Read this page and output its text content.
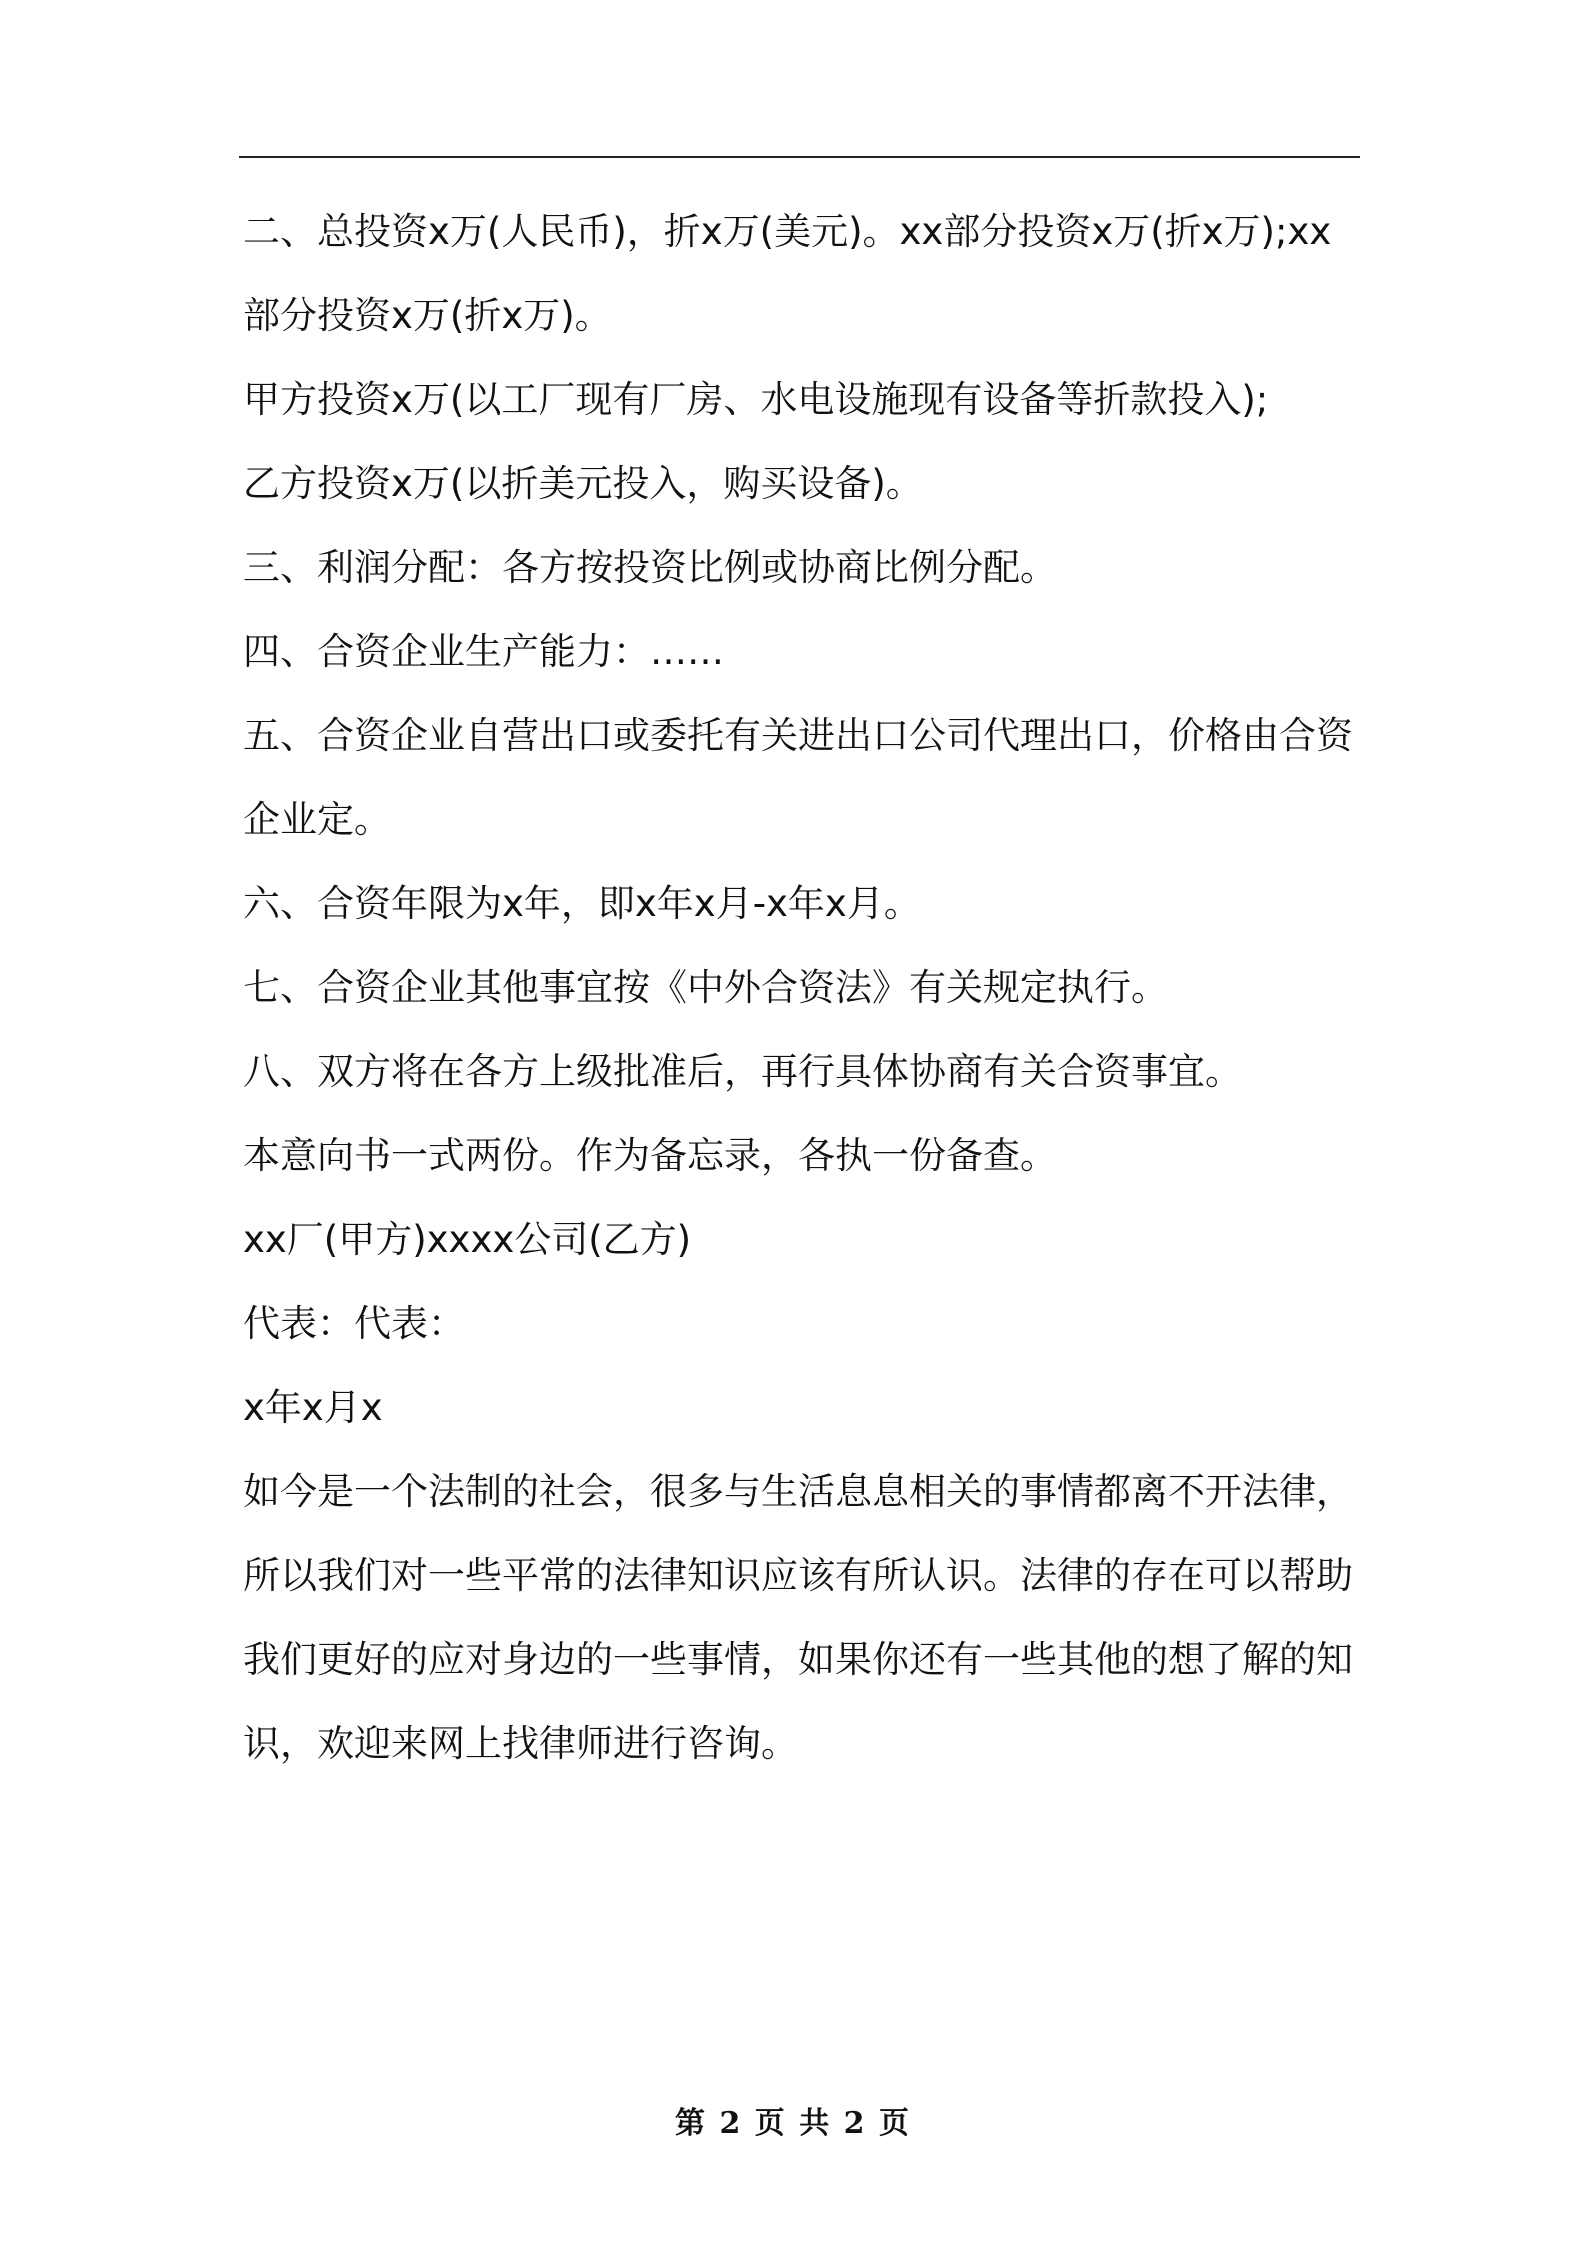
二、总投资x万(人民币)，折x万(美元)。xx部分投资x万(折x万);xx部分投资x万(折x万)。

甲方投资x万(以工厂现有厂房、水电设施现有设备等折款投入);

乙方投资x万(以折美元投入，购买设备)。

三、利润分配：各方按投资比例或协商比例分配。

四、合资企业生产能力：……

五、合资企业自营出口或委托有关进出口公司代理出口，价格由合资企业定。

六、合资年限为x年，即x年x月-x年x月。

七、合资企业其他事宜按《中外合资法》有关规定执行。

八、双方将在各方上级批准后，再行具体协商有关合资事宜。

本意向书一式两份。作为备忘录，各执一份备查。

xx厂(甲方)xxxx公司(乙方)

代表：代表：

x年x月x

如今是一个法制的社会，很多与生活息息相关的事情都离不开法律，所以我们对一些平常的法律知识应该有所认识。法律的存在可以帮助我们更好的应对身边的一些事情，如果你还有一些其他的想了解的知识，欢迎来网上找律师进行咨询。

第 2 页 共 2 页
